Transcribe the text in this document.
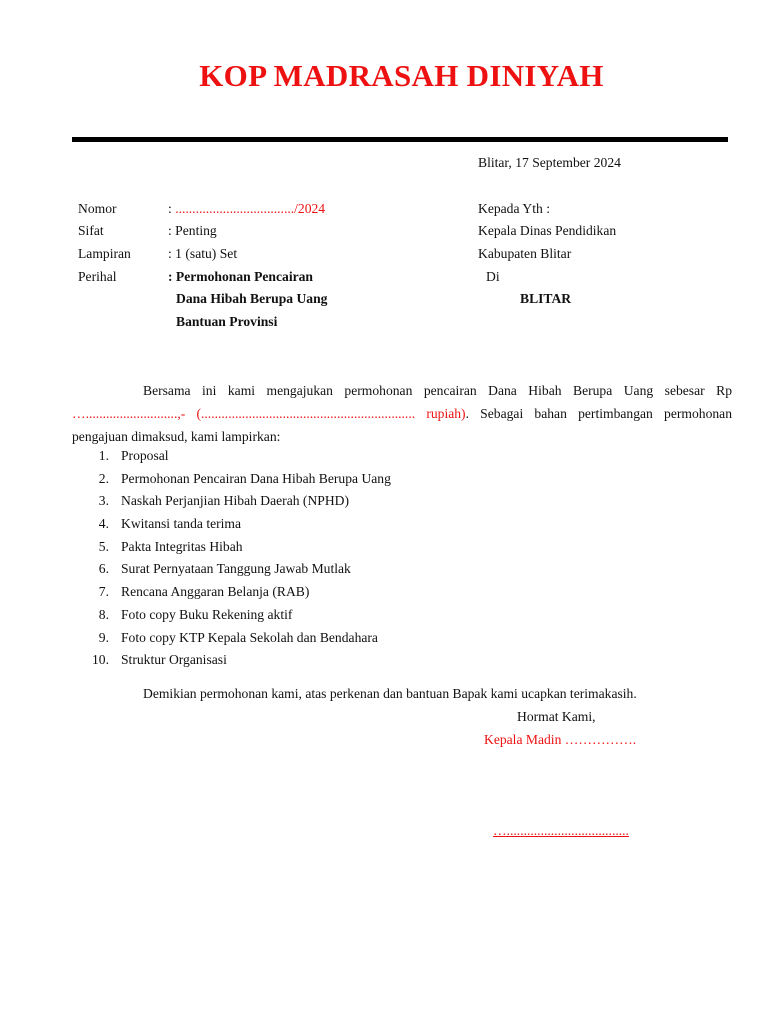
KOP MADRASAH DINIYAH
Blitar, 17 September 2024
Nomor	: .................................../2024
Sifat	: Penting
Lampiran	: 1 (satu) Set
Perihal	: Permohonan Pencairan
Dana Hibah Berupa Uang
Bantuan Provinsi
Kepada Yth :
Kepala Dinas Pendidikan
Kabupaten Blitar
Di
BLITAR
Bersama ini kami mengajukan permohonan pencairan Dana Hibah Berupa Uang sebesar Rp …...........................,- (............................................................... rupiah). Sebagai bahan pertimbangan permohonan pengajuan dimaksud, kami lampirkan:
1. Proposal
2. Permohonan Pencairan Dana Hibah Berupa Uang
3. Naskah Perjanjian Hibah Daerah (NPHD)
4. Kwitansi tanda terima
5. Pakta Integritas Hibah
6. Surat Pernyataan Tanggung Jawab Mutlak
7. Rencana Anggaran Belanja (RAB)
8. Foto copy Buku Rekening aktif
9. Foto copy KTP Kepala Sekolah dan Bendahara
10. Struktur Organisasi
Demikian permohonan kami, atas perkenan dan bantuan Bapak kami ucapkan terimakasih.
Hormat Kami,
Kepala Madin …………….
…....................................
